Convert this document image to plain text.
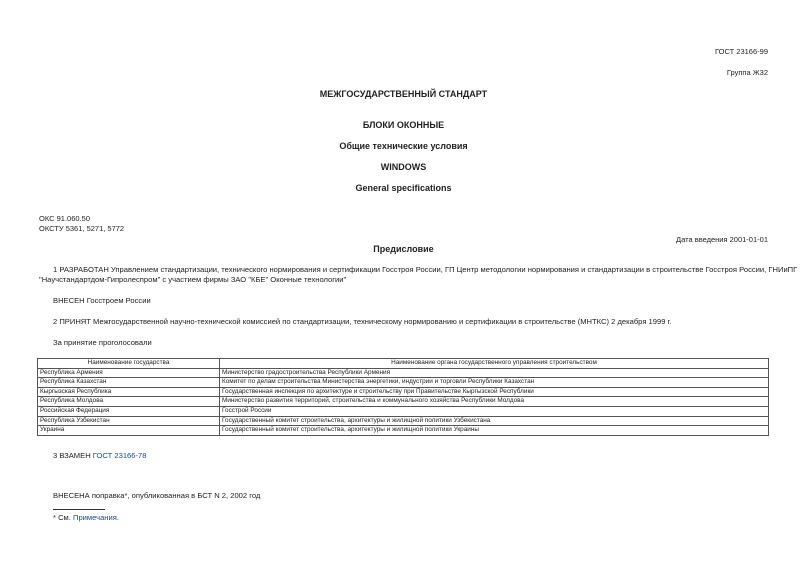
ГОСТ 23166-99
Группа Ж32
МЕЖГОСУДАРСТВЕННЫЙ СТАНДАРТ
БЛОКИ ОКОННЫЕ
Общие технические условия
WINDOWS
General specifications
ОКС 91.060.50
ОКСТУ 5361, 5271, 5772
Дата введения 2001-01-01
Предисловие
1 РАЗРАБОТАН Управлением стандартизации, технического нормирования и сертификации Госстроя России, ГП Центр методологии нормирования и стандартизации в строительстве Госстроя России, ГНИиПГ
"Научстандартдом-Гипролеспром" с участием фирмы ЗАО "КБЕ" Оконные технологии"
ВНЕСЕН Госстроем России
2 ПРИНЯТ Межгосударственной научно-технической комиссией по стандартизации, техническому нормированию и сертификации в строительстве (МНТКС) 2 декабря 1999 г.
За принятие проголосовали
Наименование государства	Наименование органа государственного управления строительством
Республика Армения	Министерство градостроительства Республики Армения
Республика Казахстан	Комитет по делам строительства Министерства энергетики, индустрии и торговли Республики Казахстан
Кыргызская Республика	Государственная инспекция по архитектуре и строительству при Правительстве Кыргызской Республики
Республика Молдова	Министерство развития территорий, строительства и коммунального хозяйства Республики Молдова
Российская Федерация	Госстрой России
Республика Узбекистан	Государственный комитет строительства, архитектуры и жилищной политики Узбекистана
Украина	Государственный комитет строительства, архитектуры и жилищной политики Украины
3 ВЗАМЕН ГОСТ 23166-78
ВНЕСЕНА поправка*, опубликованная в БСТ N 2, 2002 год
* См. Примечания.
